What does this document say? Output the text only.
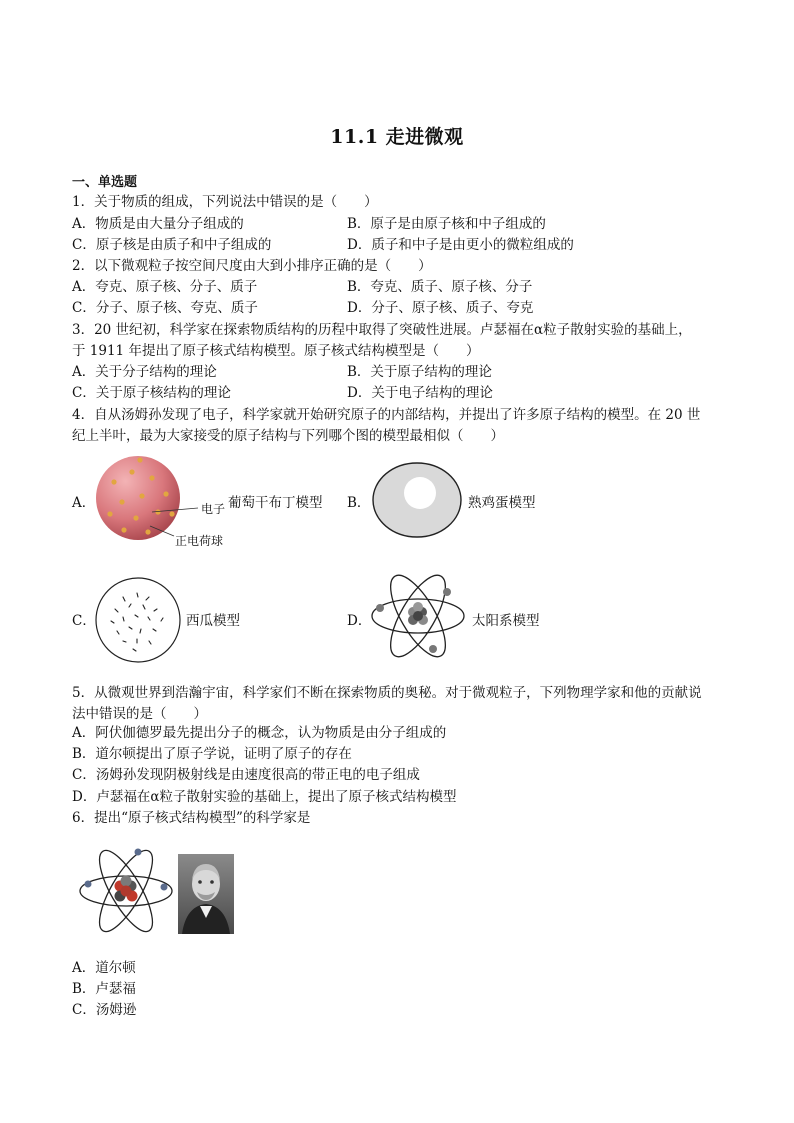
11.1 走进微观
一、单选题
1．关于物质的组成，下列说法中错误的是（　　）
A．物质是由大量分子组成的	B．原子是由原子核和中子组成的
C．原子核是由质子和中子组成的	D．质子和中子是由更小的微粒组成的
2．以下微观粒子按空间尺度由大到小排序正确的是（　　）
A．夸克、原子核、分子、质子	B．夸克、质子、原子核、分子
C．分子、原子核、夸克、质子	D．分子、原子核、质子、夸克
3．20 世纪初，科学家在探索物质结构的历程中取得了突破性进展。卢瑟福在α粒子散射实验的基础上，
于 1911 年提出了原子核式结构模型。原子核式结构模型是（　　）
A．关于分子结构的理论	B．关于原子结构的理论
C．关于原子核结构的理论	D．关于电子结构的理论
4．自从汤姆孙发现了电子，科学家就开始研究原子的内部结构，并提出了许多原子结构的模型。在 20 世
纪上半叶，最为大家接受的原子结构与下列哪个图的模型最相似（　　）
A．	电子
正电荷球
葡萄干布丁模型 B．	熟鸡蛋模型
C．	西瓜模型	D．	太阳系模型
5．从微观世界到浩瀚宇宙，科学家们不断在探索物质的奥秘。对于微观粒子，下列物理学家和他的贡献说
法中错误的是（　　）
A．阿伏伽德罗最先提出分子的概念，认为物质是由分子组成的
B．道尔顿提出了原子学说，证明了原子的存在
C．汤姆孙发现阴极射线是由速度很高的带正电的电子组成
D．卢瑟福在α粒子散射实验的基础上，提出了原子核式结构模型
6．提出“原子核式结构模型”的科学家是
A．道尔顿
B．卢瑟福
C．汤姆逊
